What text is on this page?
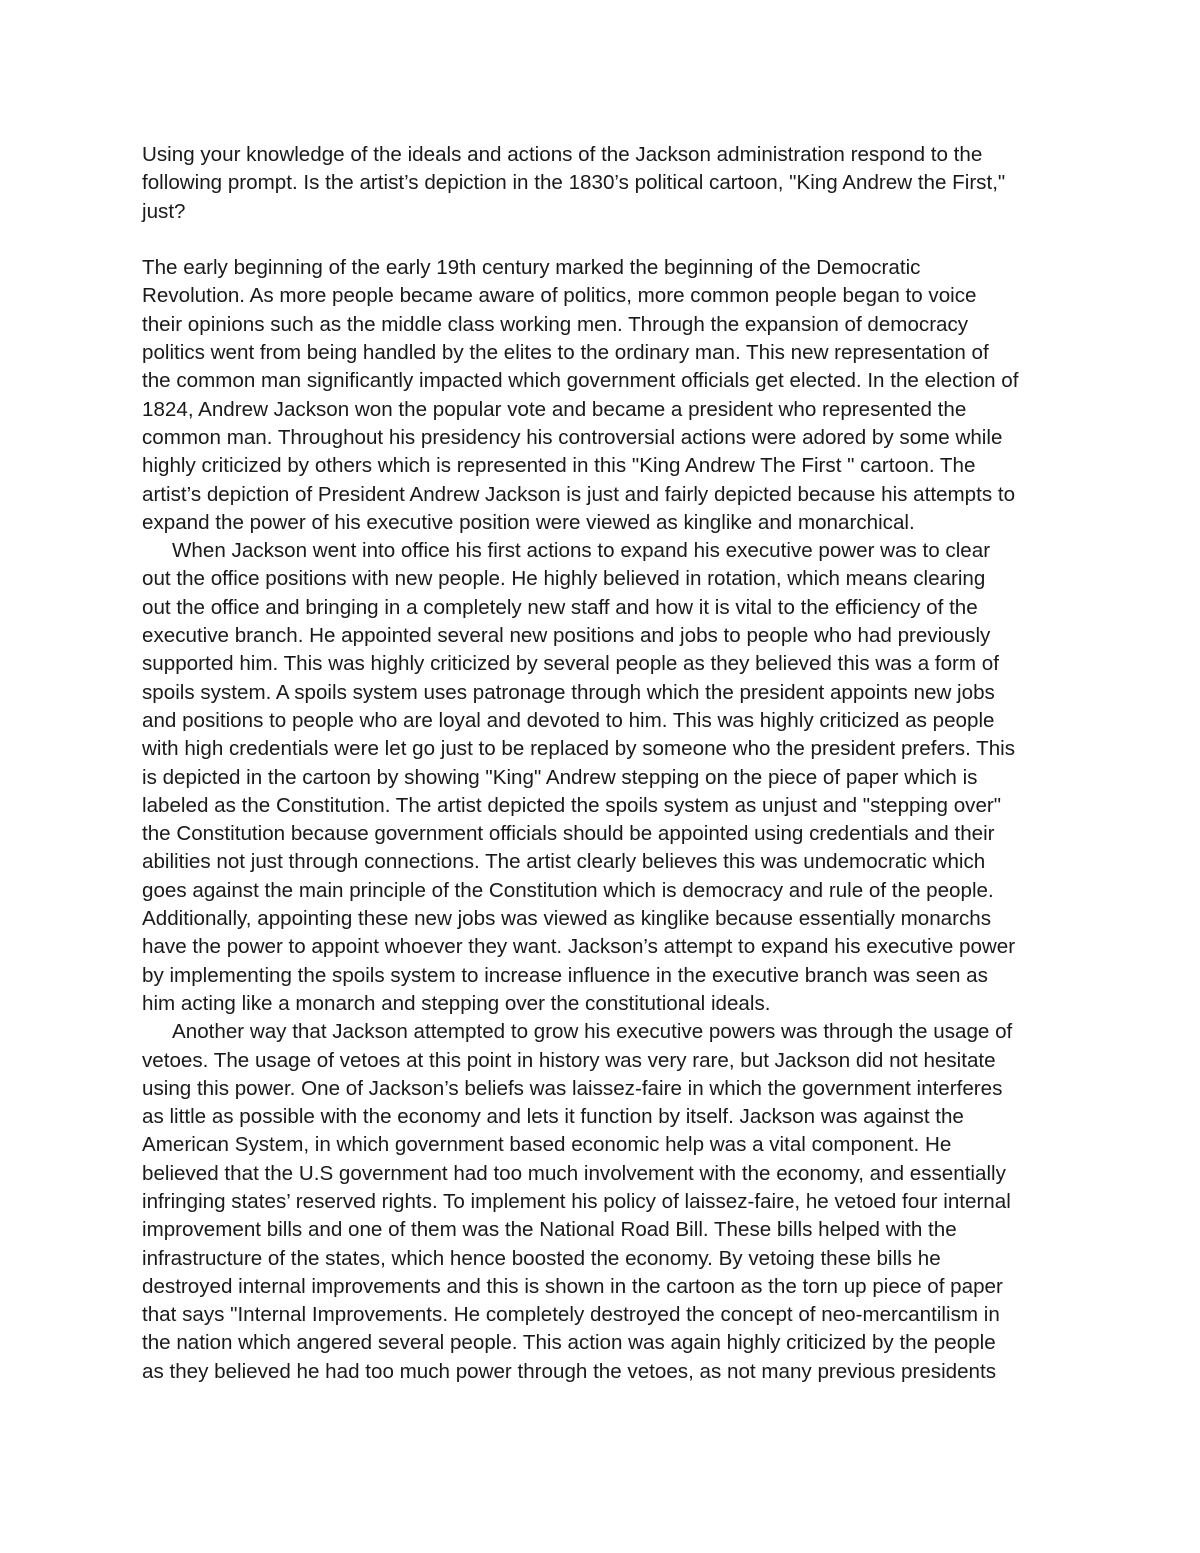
Using your knowledge of the ideals and actions of the Jackson administration respond to the
following prompt. Is the artist’s depiction in the 1830’s political cartoon, "King Andrew the First,"
just?
The early beginning of the early 19th century marked the beginning of the Democratic
Revolution. As more people became aware of politics, more common people began to voice
their opinions such as the middle class working men. Through the expansion of democracy
politics went from being handled by the elites to the ordinary man. This new representation of
the common man significantly impacted which government officials get elected. In the election of
1824, Andrew Jackson won the popular vote and became a president who represented the
common man. Throughout his presidency his controversial actions were adored by some while
highly criticized by others which is represented in this "King Andrew The First " cartoon. The
artist’s depiction of President Andrew Jackson is just and fairly depicted because his attempts to
expand the power of his executive position were viewed as kinglike and monarchical.
When Jackson went into office his first actions to expand his executive power was to clear
out the office positions with new people. He highly believed in rotation, which means clearing
out the office and bringing in a completely new staff and how it is vital to the efficiency of the
executive branch. He appointed several new positions and jobs to people who had previously
supported him. This was highly criticized by several people as they believed this was a form of
spoils system. A spoils system uses patronage through which the president appoints new jobs
and positions to people who are loyal and devoted to him. This was highly criticized as people
with high credentials were let go just to be replaced by someone who the president prefers. This
is depicted in the cartoon by showing "King" Andrew stepping on the piece of paper which is
labeled as the Constitution. The artist depicted the spoils system as unjust and "stepping over"
the Constitution because government officials should be appointed using credentials and their
abilities not just through connections. The artist clearly believes this was undemocratic which
goes against the main principle of the Constitution which is democracy and rule of the people.
Additionally, appointing these new jobs was viewed as kinglike because essentially monarchs
have the power to appoint whoever they want. Jackson’s attempt to expand his executive power
by implementing the spoils system to increase influence in the executive branch was seen as
him acting like a monarch and stepping over the constitutional ideals.
Another way that Jackson attempted to grow his executive powers was through the usage of
vetoes. The usage of vetoes at this point in history was very rare, but Jackson did not hesitate
using this power. One of Jackson’s beliefs was laissez-faire in which the government interferes
as little as possible with the economy and lets it function by itself. Jackson was against the
American System, in which government based economic help was a vital component. He
believed that the U.S government had too much involvement with the economy, and essentially
infringing states’ reserved rights. To implement his policy of laissez-faire, he vetoed four internal
improvement bills and one of them was the National Road Bill. These bills helped with the
infrastructure of the states, which hence boosted the economy. By vetoing these bills he
destroyed internal improvements and this is shown in the cartoon as the torn up piece of paper
that says "Internal Improvements. He completely destroyed the concept of neo-mercantilism in
the nation which angered several people. This action was again highly criticized by the people
as they believed he had too much power through the vetoes, as not many previous presidents
